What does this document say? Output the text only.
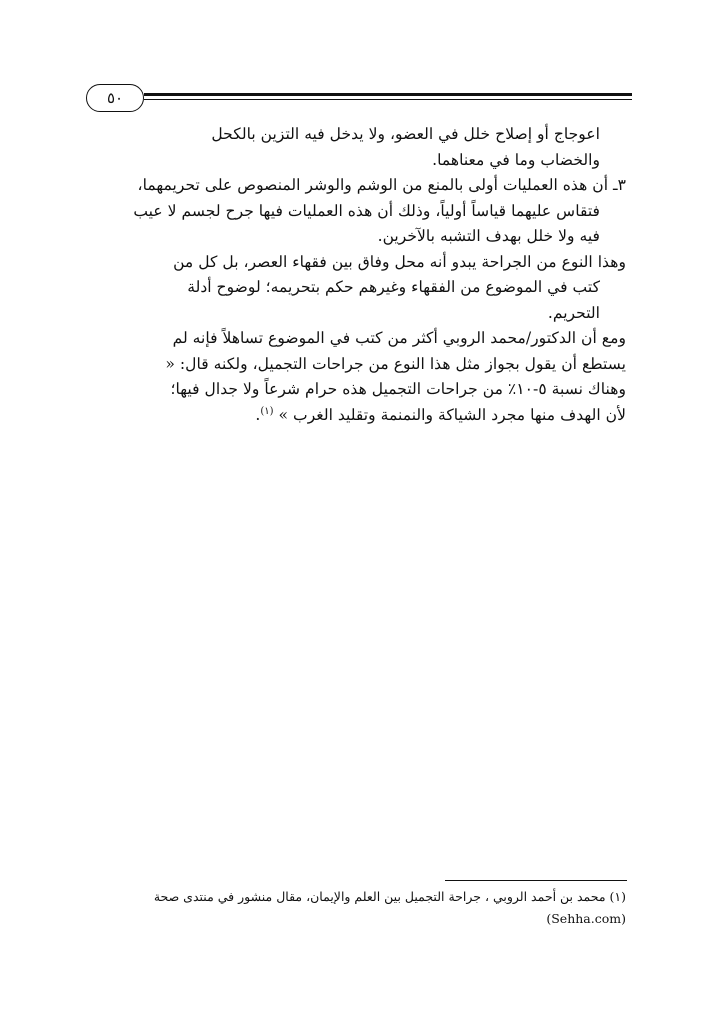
٥٠
اعوجاج أو إصلاح خلل في العضو، ولا يدخل فيه التزين بالكحل
والخضاب وما في معناهما.
٣ـ أن هذه العمليات أولى بالمنع من الوشم والوشر المنصوص على تحريمهما،
فتقاس عليهما قياساً أولياً، وذلك أن هذه العمليات فيها جرح لجسم لا عيب
فيه ولا خلل بهدف التشبه بالآخرين.
وهذا النوع من الجراحة يبدو أنه محل وفاق بين فقهاء العصر، بل كل من
كتب في الموضوع من الفقهاء وغيرهم حكم بتحريمه؛ لوضوح أدلة
التحريم.
ومع أن الدكتور/محمد الروبي أكثر من كتب في الموضوع تساهلاً فإنه لم
يستطع أن يقول بجواز مثل هذا النوع من جراحات التجميل، ولكنه قال: «
وهناك نسبة ٥-١٠٪ من جراحات التجميل هذه حرام شرعاً ولا جدال فيها؛
لأن الهدف منها مجرد الشياكة والنمنمة وتقليد الغرب » $^{(١)}$.
(١) محمد بن أحمد الروبي ، جراحة التجميل بين العلم والإيمان، مقال منشور في منتدى صحة
(Sehha.com)
